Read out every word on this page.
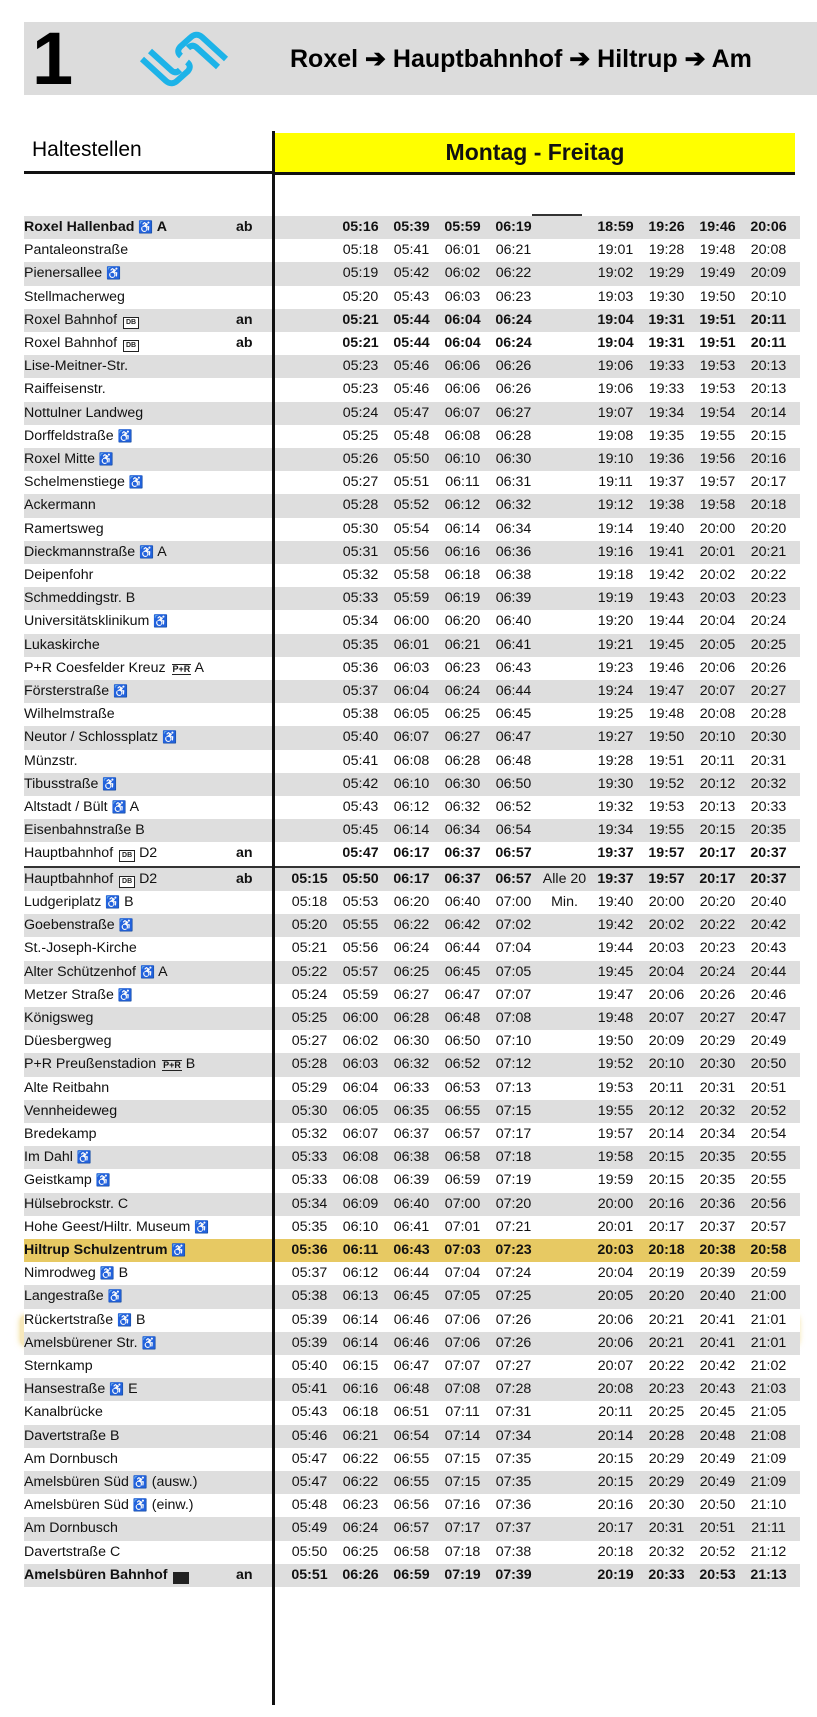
1	Roxel ➔ Hauptbahnhof ➔ Hiltrup ➔ Am
Haltestellen	Montag - Freitag
Roxel Hallenbad ♿ A	ab			05:16	05:39	05:59	06:19		18:59	19:26	19:46	20:06	
Pantaleonstraße				05:18	05:41	06:01	06:21		19:01	19:28	19:48	20:08	
Pienersallee ♿				05:19	05:42	06:02	06:22		19:02	19:29	19:49	20:09	
Stellmacherweg				05:20	05:43	06:03	06:23		19:03	19:30	19:50	20:10	
Roxel Bahnhof DB	an			05:21	05:44	06:04	06:24		19:04	19:31	19:51	20:11	
Roxel Bahnhof DB	ab			05:21	05:44	06:04	06:24		19:04	19:31	19:51	20:11	
Lise-Meitner-Str.				05:23	05:46	06:06	06:26		19:06	19:33	19:53	20:13	
Raiffeisenstr.				05:23	05:46	06:06	06:26		19:06	19:33	19:53	20:13	
Nottulner Landweg				05:24	05:47	06:07	06:27		19:07	19:34	19:54	20:14	
Dorffeldstraße ♿				05:25	05:48	06:08	06:28		19:08	19:35	19:55	20:15	
Roxel Mitte ♿				05:26	05:50	06:10	06:30		19:10	19:36	19:56	20:16	
Schelmenstiege ♿				05:27	05:51	06:11	06:31		19:11	19:37	19:57	20:17	
Ackermann				05:28	05:52	06:12	06:32		19:12	19:38	19:58	20:18	
Ramertsweg				05:30	05:54	06:14	06:34		19:14	19:40	20:00	20:20	
Dieckmannstraße ♿ A				05:31	05:56	06:16	06:36		19:16	19:41	20:01	20:21	
Deipenfohr				05:32	05:58	06:18	06:38		19:18	19:42	20:02	20:22	
Schmeddingstr. B				05:33	05:59	06:19	06:39		19:19	19:43	20:03	20:23	
Universitätsklinikum ♿				05:34	06:00	06:20	06:40		19:20	19:44	20:04	20:24	
Lukaskirche				05:35	06:01	06:21	06:41		19:21	19:45	20:05	20:25	
P+R Coesfelder Kreuz P+R A				05:36	06:03	06:23	06:43		19:23	19:46	20:06	20:26	
Försterstraße ♿				05:37	06:04	06:24	06:44		19:24	19:47	20:07	20:27	
Wilhelmstraße				05:38	06:05	06:25	06:45		19:25	19:48	20:08	20:28	
Neutor / Schlossplatz ♿				05:40	06:07	06:27	06:47		19:27	19:50	20:10	20:30	
Münzstr.				05:41	06:08	06:28	06:48		19:28	19:51	20:11	20:31	
Tibusstraße ♿				05:42	06:10	06:30	06:50		19:30	19:52	20:12	20:32	
Altstadt / Bült ♿ A				05:43	06:12	06:32	06:52		19:32	19:53	20:13	20:33	
Eisenbahnstraße B				05:45	06:14	06:34	06:54		19:34	19:55	20:15	20:35	
Hauptbahnhof DB D2	an			05:47	06:17	06:37	06:57		19:37	19:57	20:17	20:37	
Hauptbahnhof DB D2	ab		05:15	05:50	06:17	06:37	06:57	Alle 20	19:37	19:57	20:17	20:37	
Ludgeriplatz ♿ B			05:18	05:53	06:20	06:40	07:00	Min.	19:40	20:00	20:20	20:40	
Goebenstraße ♿			05:20	05:55	06:22	06:42	07:02		19:42	20:02	20:22	20:42	
St.-Joseph-Kirche			05:21	05:56	06:24	06:44	07:04		19:44	20:03	20:23	20:43	
Alter Schützenhof ♿ A			05:22	05:57	06:25	06:45	07:05		19:45	20:04	20:24	20:44	
Metzer Straße ♿			05:24	05:59	06:27	06:47	07:07		19:47	20:06	20:26	20:46	
Königsweg			05:25	06:00	06:28	06:48	07:08		19:48	20:07	20:27	20:47	
Düesbergweg			05:27	06:02	06:30	06:50	07:10		19:50	20:09	20:29	20:49	
P+R Preußenstadion P+R B			05:28	06:03	06:32	06:52	07:12		19:52	20:10	20:30	20:50	
Alte Reitbahn			05:29	06:04	06:33	06:53	07:13		19:53	20:11	20:31	20:51	
Vennheideweg			05:30	06:05	06:35	06:55	07:15		19:55	20:12	20:32	20:52	
Bredekamp			05:32	06:07	06:37	06:57	07:17		19:57	20:14	20:34	20:54	
Im Dahl ♿			05:33	06:08	06:38	06:58	07:18		19:58	20:15	20:35	20:55	
Geistkamp ♿			05:33	06:08	06:39	06:59	07:19		19:59	20:15	20:35	20:55	
Hülsebrockstr. C			05:34	06:09	06:40	07:00	07:20		20:00	20:16	20:36	20:56	
Hohe Geest/Hiltr. Museum ♿			05:35	06:10	06:41	07:01	07:21		20:01	20:17	20:37	20:57	
Hiltrup Schulzentrum ♿			05:36	06:11	06:43	07:03	07:23		20:03	20:18	20:38	20:58	
Nimrodweg ♿ B			05:37	06:12	06:44	07:04	07:24		20:04	20:19	20:39	20:59	
Langestraße ♿			05:38	06:13	06:45	07:05	07:25		20:05	20:20	20:40	21:00	
Rückertstraße ♿ B			05:39	06:14	06:46	07:06	07:26		20:06	20:21	20:41	21:01	
Amelsbürener Str. ♿			05:39	06:14	06:46	07:06	07:26		20:06	20:21	20:41	21:01	
Sternkamp			05:40	06:15	06:47	07:07	07:27		20:07	20:22	20:42	21:02	
Hansestraße ♿ E			05:41	06:16	06:48	07:08	07:28		20:08	20:23	20:43	21:03	
Kanalbrücke			05:43	06:18	06:51	07:11	07:31		20:11	20:25	20:45	21:05	
Davertstraße B			05:46	06:21	06:54	07:14	07:34		20:14	20:28	20:48	21:08	
Am Dornbusch			05:47	06:22	06:55	07:15	07:35		20:15	20:29	20:49	21:09	
Amelsbüren Süd ♿ (ausw.)			05:47	06:22	06:55	07:15	07:35		20:15	20:29	20:49	21:09	
Amelsbüren Süd ♿ (einw.)			05:48	06:23	06:56	07:16	07:36		20:16	20:30	20:50	21:10	
Am Dornbusch			05:49	06:24	06:57	07:17	07:37		20:17	20:31	20:51	21:11	
Davertstraße C			05:50	06:25	06:58	07:18	07:38		20:18	20:32	20:52	21:12	
Amelsbüren Bahnhof DB	an		05:51	06:26	06:59	07:19	07:39		20:19	20:33	20:53	21:13	
